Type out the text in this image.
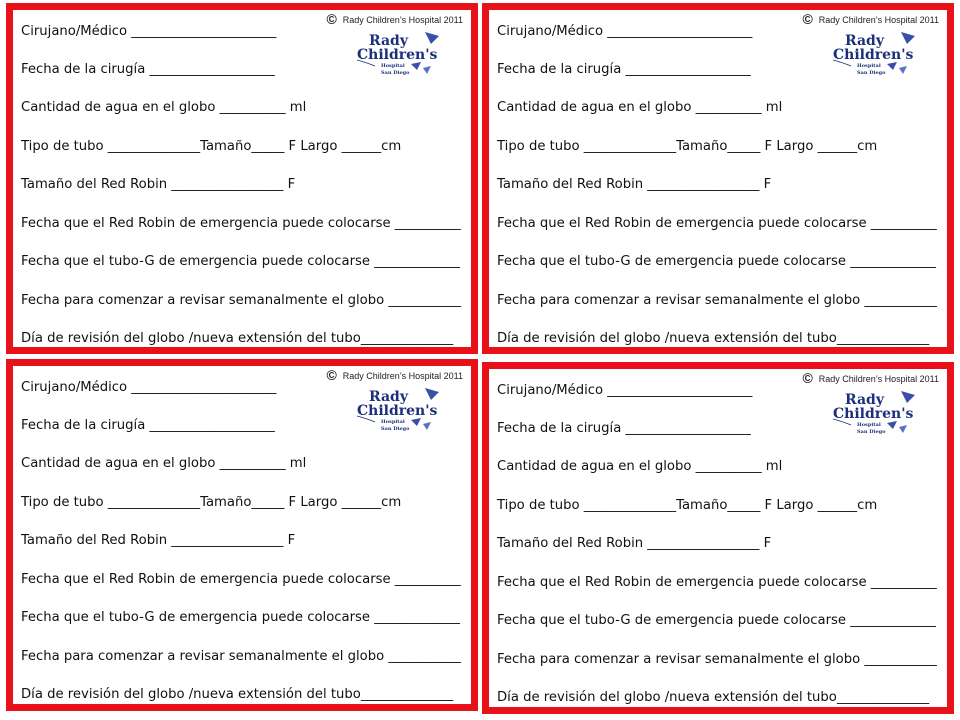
© Rady Children’s Hospital 2011
Rady
Children's
Hospital
San Diego

Cirujano/Médico ______________________

Fecha de la cirugía ___________________

Cantidad de agua en el globo __________ ml

Tipo de tubo ______________Tamaño_____ F Largo ______cm

Tamaño del Red Robin _________________ F

Fecha que el Red Robin de emergencia puede colocarse __________

Fecha que el tubo-G de emergencia puede colocarse _____________

Fecha para comenzar a revisar semanalmente el globo ___________

Día de revisión del globo /nueva extensión del tubo______________

© Rady Children’s Hospital 2011
Rady
Children's
Hospital
San Diego

Cirujano/Médico ______________________

Fecha de la cirugía ___________________

Cantidad de agua en el globo __________ ml

Tipo de tubo ______________Tamaño_____ F Largo ______cm

Tamaño del Red Robin _________________ F

Fecha que el Red Robin de emergencia puede colocarse __________

Fecha que el tubo-G de emergencia puede colocarse _____________

Fecha para comenzar a revisar semanalmente el globo ___________

Día de revisión del globo /nueva extensión del tubo______________

© Rady Children’s Hospital 2011
Rady
Children's
Hospital
San Diego

Cirujano/Médico ______________________

Fecha de la cirugía ___________________

Cantidad de agua en el globo __________ ml

Tipo de tubo ______________Tamaño_____ F Largo ______cm

Tamaño del Red Robin _________________ F

Fecha que el Red Robin de emergencia puede colocarse __________

Fecha que el tubo-G de emergencia puede colocarse _____________

Fecha para comenzar a revisar semanalmente el globo ___________

Día de revisión del globo /nueva extensión del tubo______________

© Rady Children’s Hospital 2011
Rady
Children's
Hospital
San Diego

Cirujano/Médico ______________________

Fecha de la cirugía ___________________

Cantidad de agua en el globo __________ ml

Tipo de tubo ______________Tamaño_____ F Largo ______cm

Tamaño del Red Robin _________________ F

Fecha que el Red Robin de emergencia puede colocarse __________

Fecha que el tubo-G de emergencia puede colocarse _____________

Fecha para comenzar a revisar semanalmente el globo ___________

Día de revisión del globo /nueva extensión del tubo______________
